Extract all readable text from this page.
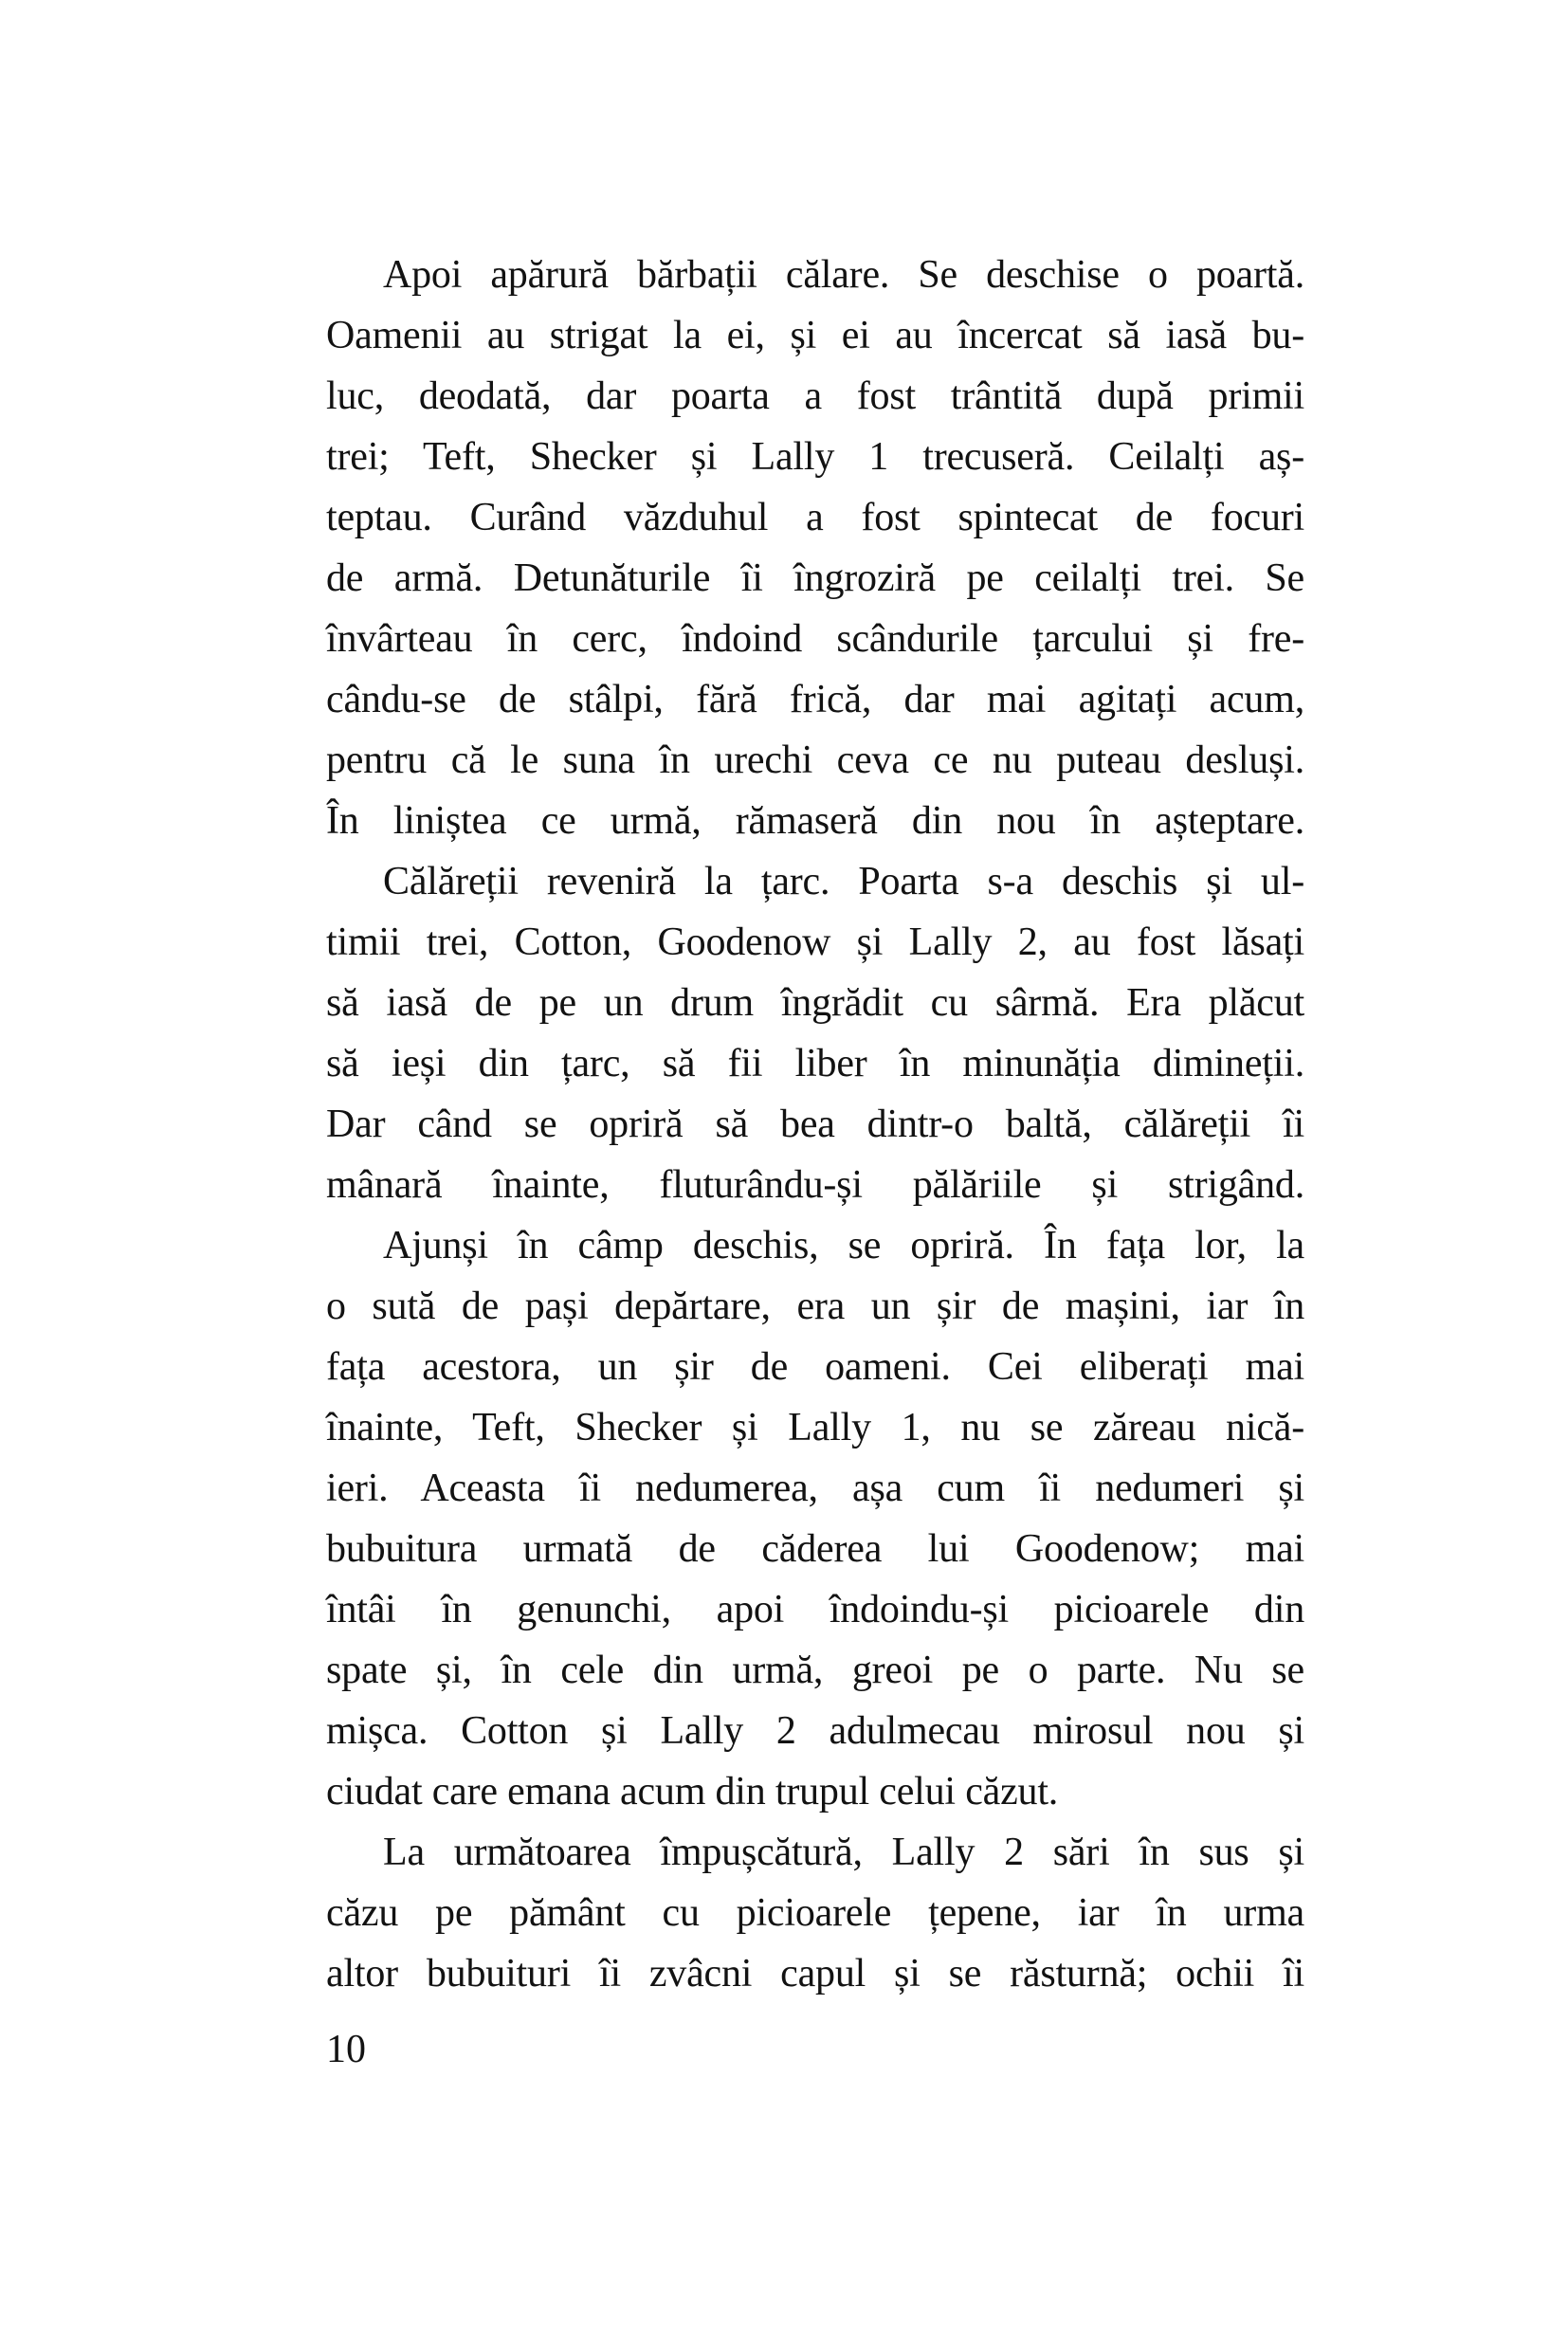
Apoi apărură bărbații călare. Se deschise o poartă.
Oamenii au strigat la ei, și ei au încercat să iasă bu-
luc, deodată, dar poarta a fost trântită după primii
trei; Teft, Shecker și Lally 1 trecuseră. Ceilalți aș-
teptau. Curând văzduhul a fost spintecat de focuri
de armă. Detunăturile îi îngroziră pe ceilalți trei. Se
învârteau în cerc, îndoind scândurile țarcului și fre-
cându-se de stâlpi, fără frică, dar mai agitați acum,
pentru că le suna în urechi ceva ce nu puteau desluși.
În liniștea ce urmă, rămaseră din nou în așteptare.
Călăreții reveniră la țarc. Poarta s-a deschis și ul-
timii trei, Cotton, Goodenow și Lally 2, au fost lăsați
să iasă de pe un drum îngrădit cu sârmă. Era plăcut
să ieși din țarc, să fii liber în minunăția dimineții.
Dar când se opriră să bea dintr-o baltă, călăreții îi
mânară înainte, fluturându-și pălăriile și strigând.
Ajunși în câmp deschis, se opriră. În fața lor, la
o sută de pași depărtare, era un șir de mașini, iar în
fața acestora, un șir de oameni. Cei eliberați mai
înainte, Teft, Shecker și Lally 1, nu se zăreau nică-
ieri. Aceasta îi nedumerea, așa cum îi nedumeri și
bubuitura urmată de căderea lui Goodenow; mai
întâi în genunchi, apoi îndoindu-și picioarele din
spate și, în cele din urmă, greoi pe o parte. Nu se
mișca. Cotton și Lally 2 adulmecau mirosul nou și
ciudat care emana acum din trupul celui căzut.
La următoarea împușcătură, Lally 2 sări în sus și
căzu pe pământ cu picioarele țepene, iar în urma
altor bubuituri îi zvâcni capul și se răsturnă; ochii îi
10
